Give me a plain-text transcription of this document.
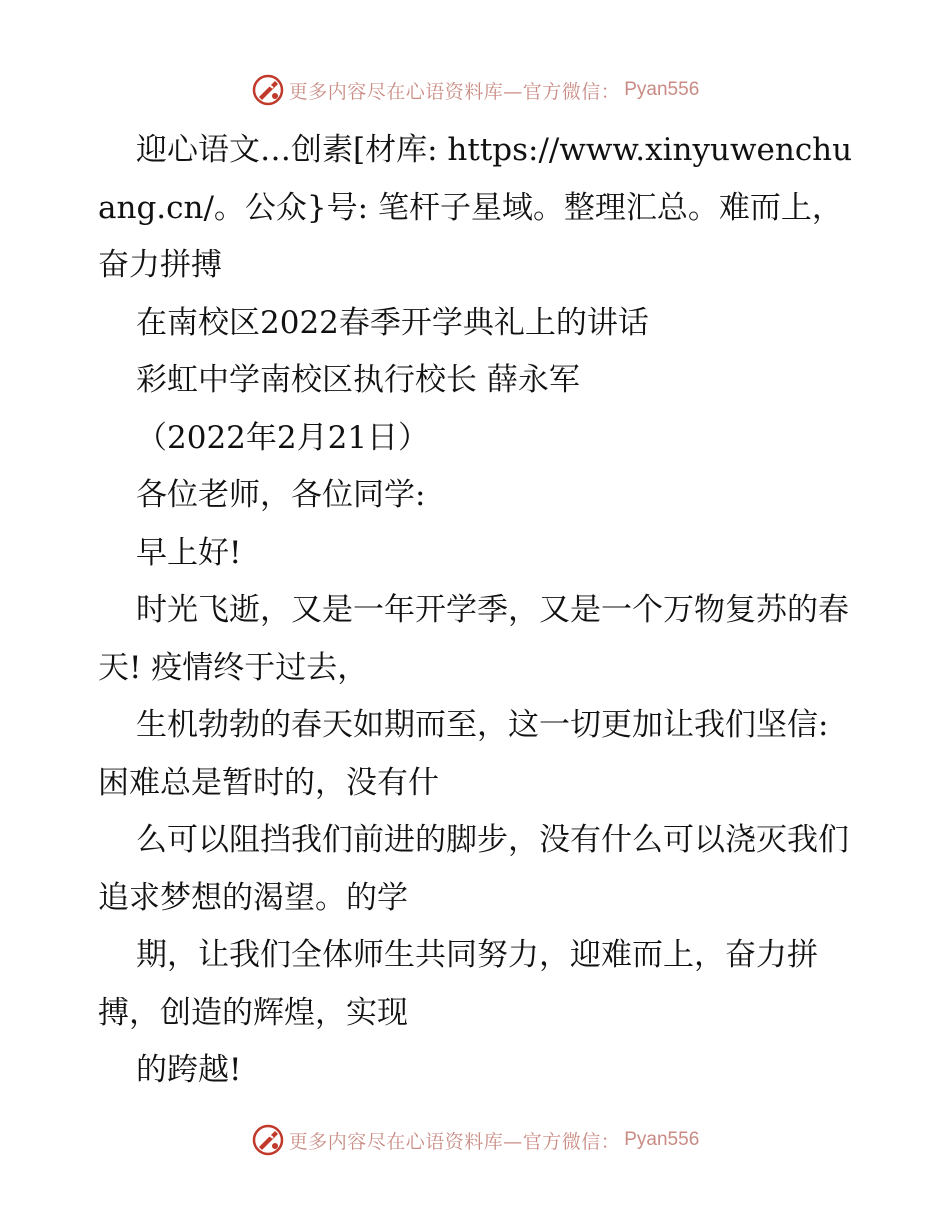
更多内容尽在心语资料库—官方微信： Pyan556

迎心语文…创素[材库: https://www.xinyuwenchuang.cn/。公众}号: 笔杆子星域。整理汇总。难而上，奋力拼搏

在南校区2022春季开学典礼上的讲话

彩虹中学南校区执行校长 薛永军

（2022年2月21日）

各位老师，各位同学:

早上好!

时光飞逝，又是一年开学季，又是一个万物复苏的春天! 疫情终于过去，

生机勃勃的春天如期而至，这一切更加让我们坚信: 困难总是暂时的，没有什

么可以阻挡我们前进的脚步，没有什么可以浇灭我们追求梦想的渴望。的学

期，让我们全体师生共同努力，迎难而上，奋力拼搏，创造的辉煌，实现

的跨越!

更多内容尽在心语资料库—官方微信： Pyan556
